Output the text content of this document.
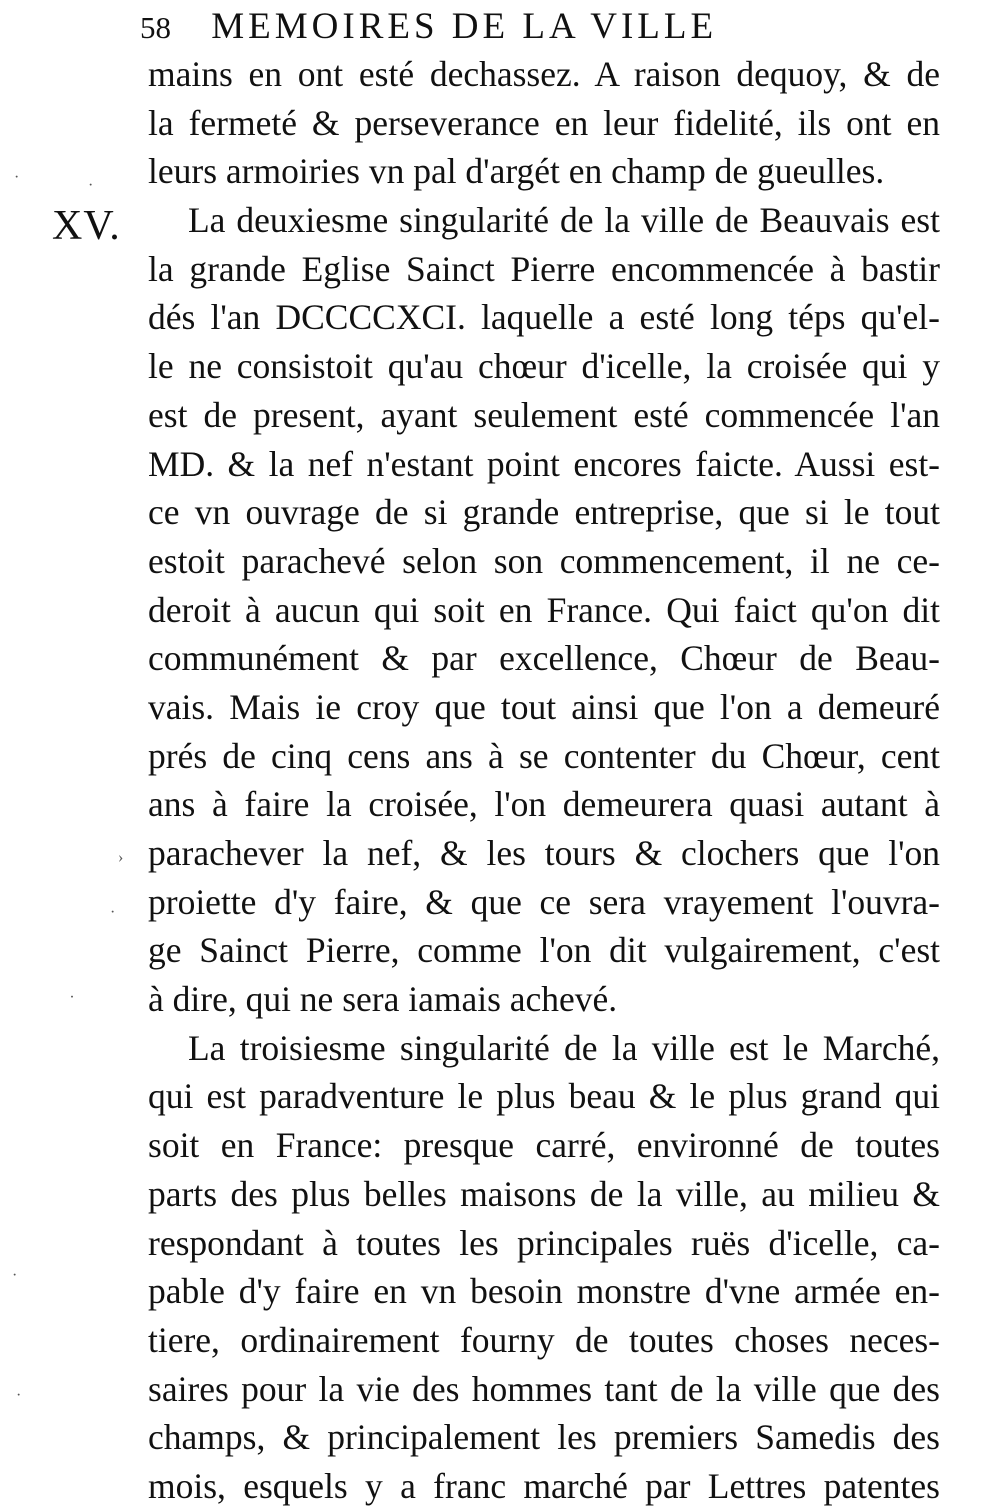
58 MEMOIRES DE LA VILLE
XV.
mains en ont esté dechassez. A raison dequoy, & de
la fermeté & perseverance en leur fidelité, ils ont en
leurs armoiries vn pal d'argét en champ de gueulles.
La deuxiesme singularité de la ville de Beauvais est
la grande Eglise Sainct Pierre encommencée à bastir
dés l'an DCCCCXCI. laquelle a esté long téps qu'el-
le ne consistoit qu'au chœur d'icelle, la croisée qui y
est de present, ayant seulement esté commencée l'an
MD. & la nef n'estant point encores faicte. Aussi est-
ce vn ouvrage de si grande entreprise, que si le tout
estoit parachevé selon son commencement, il ne ce-
deroit à aucun qui soit en France. Qui faict qu'on dit
communément & par excellence, Chœur de Beau-
vais. Mais ie croy que tout ainsi que l'on a demeuré
prés de cinq cens ans à se contenter du Chœur, cent
ans à faire la croisée, l'on demeurera quasi autant à
parachever la nef, & les tours & clochers que l'on
proiette d'y faire, & que ce sera vrayement l'ouvra-
ge Sainct Pierre, comme l'on dit vulgairement, c'est
à dire, qui ne sera iamais achevé.
La troisiesme singularité de la ville est le Marché,
qui est paradventure le plus beau & le plus grand qui
soit en France: presque carré, environné de toutes
parts des plus belles maisons de la ville, au milieu &
respondant à toutes les principales ruës d'icelle, ca-
pable d'y faire en vn besoin monstre d'vne armée en-
tiere, ordinairement fourny de toutes choses neces-
saires pour la vie des hommes tant de la ville que des
champs, & principalement les premiers Samedis des
mois, esquels y a franc marché par Lettres patentes
·	·
›
·
∙
·
·
